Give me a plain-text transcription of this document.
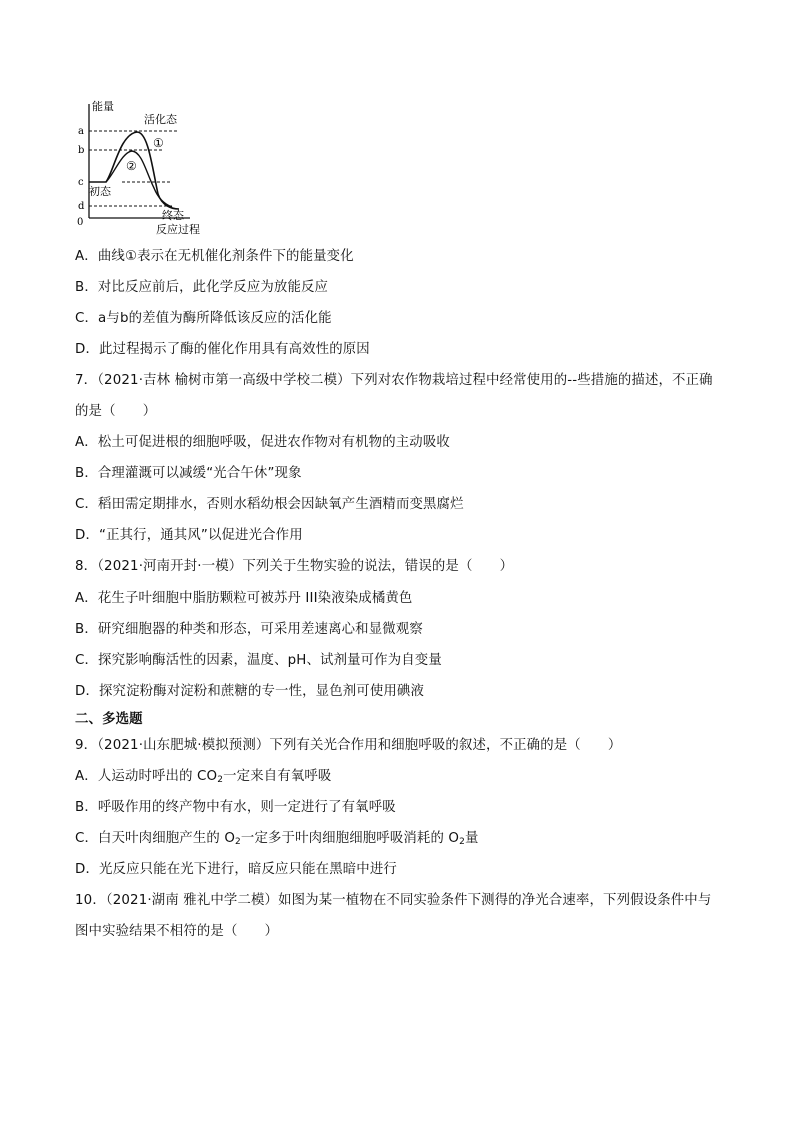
能量
0
a
b
c
d
活化态
①
②
初态
终态
反应过程
A．曲线①表示在无机催化剂条件下的能量变化
B．对比反应前后，此化学反应为放能反应
C．a与b的差值为酶所降低该反应的活化能
D．此过程揭示了酶的催化作用具有高效性的原因
7．（2021·吉林 榆树市第一高级中学校二模）下列对农作物栽培过程中经常使用的--些措施的描述，不正确
的是（　　）
A．松土可促进根的细胞呼吸，促进农作物对有机物的主动吸收
B．合理灌溉可以减缓“光合午休”现象
C．稻田需定期排水，否则水稻幼根会因缺氧产生酒精而变黑腐烂
D．“正其行，通其风”以促进光合作用
8．（2021·河南开封·一模）下列关于生物实验的说法，错误的是（　　）
A．花生子叶细胞中脂肪颗粒可被苏丹 III染液染成橘黄色
B．研究细胞器的种类和形态，可采用差速离心和显微观察
C．探究影响酶活性的因素，温度、pH、试剂量可作为自变量
D．探究淀粉酶对淀粉和蔗糖的专一性，显色剂可使用碘液
二、多选题
9．（2021·山东肥城·模拟预测）下列有关光合作用和细胞呼吸的叙述，不正确的是（　　）
A．人运动时呼出的 $CO_2$一定来自有氧呼吸
B．呼吸作用的终产物中有水，则一定进行了有氧呼吸
C．白天叶肉细胞产生的 $O_2$一定多于叶肉细胞细胞呼吸消耗的 $O_2$量
D．光反应只能在光下进行，暗反应只能在黑暗中进行
10．（2021·湖南 雅礼中学二模）如图为某一植物在不同实验条件下测得的净光合速率，下列假设条件中与
图中实验结果不相符的是（　　）
